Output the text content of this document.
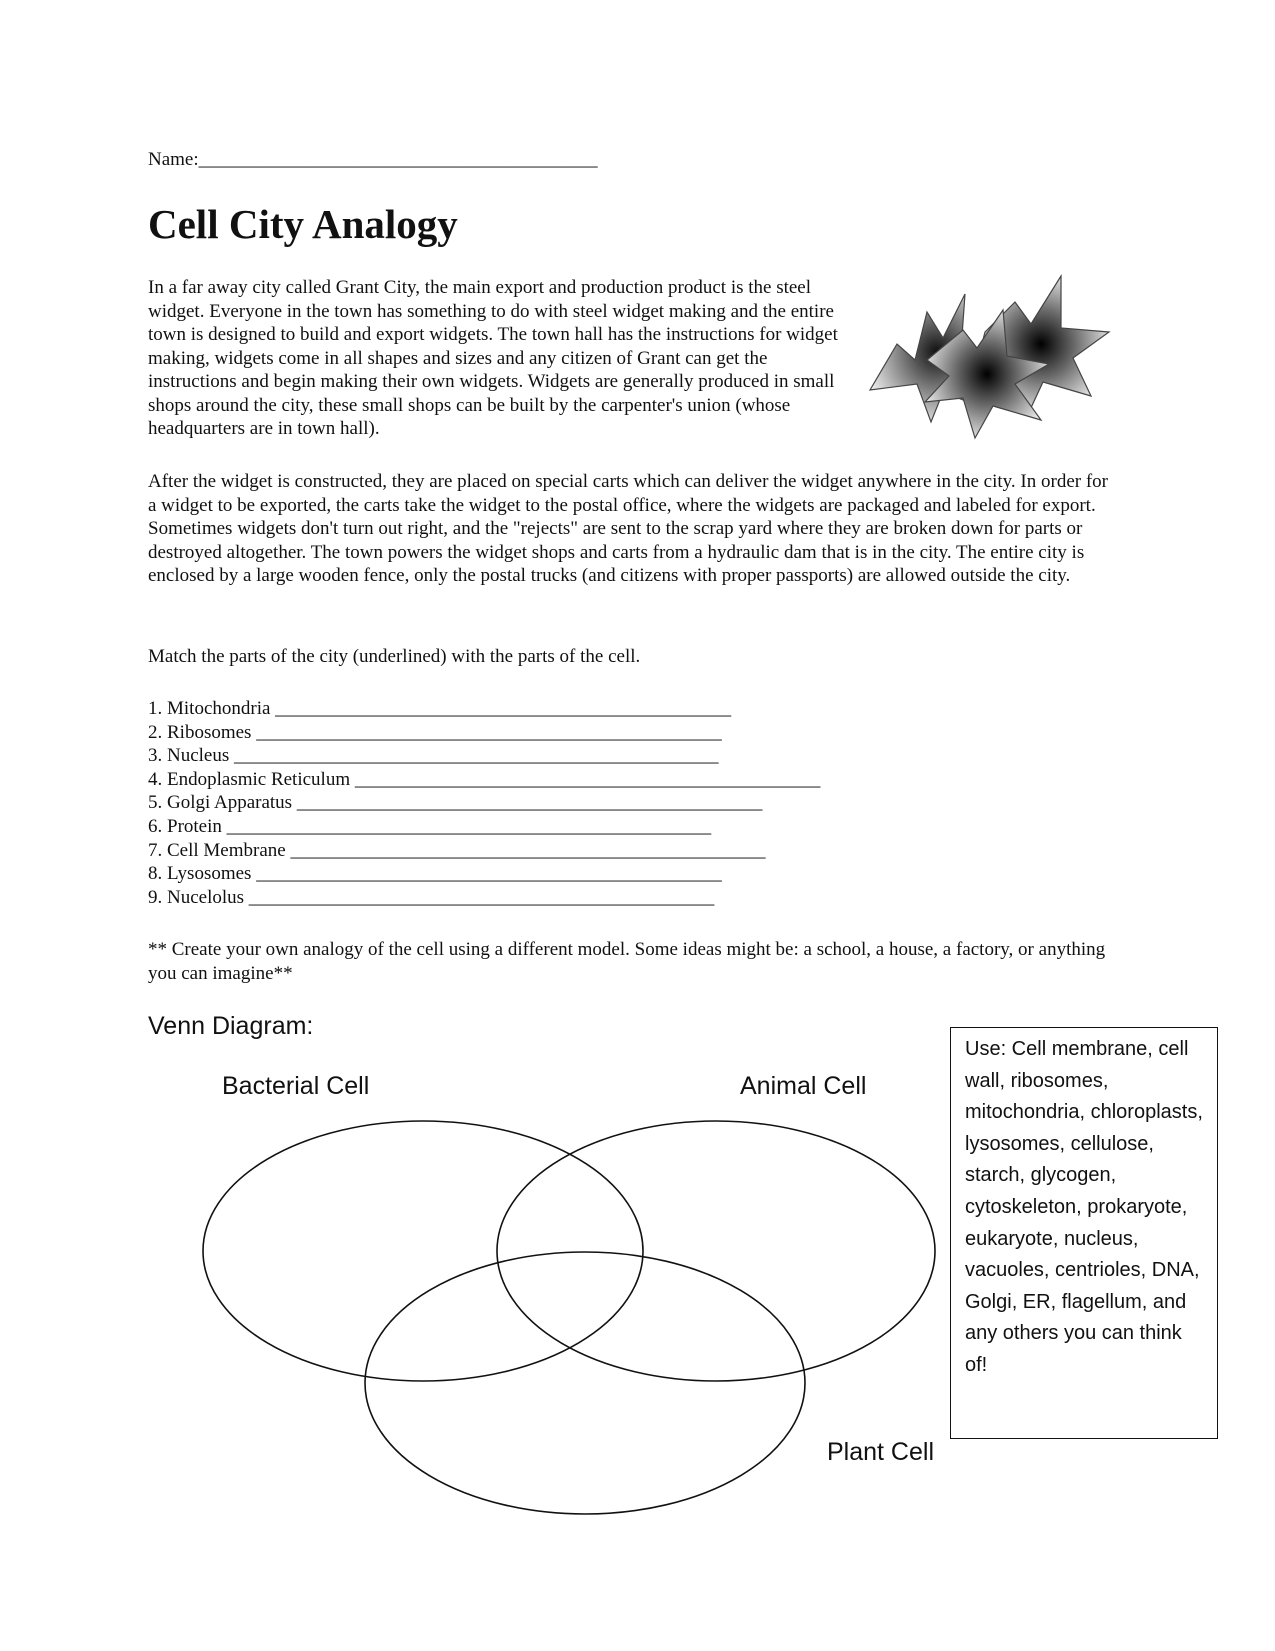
Name:__________________________________________
Cell City Analogy

In a far away city called Grant City, the main export and production product is the steel widget. Everyone in the town has something to do with steel widget making and the entire town is designed to build and export widgets. The town hall has the instructions for widget making, widgets come in all shapes and sizes and any citizen of Grant can get the instructions and begin making their own widgets. Widgets are generally produced in small shops around the city, these small shops can be built by the carpenter's union (whose headquarters are in town hall).

After the widget is constructed, they are placed on special carts which can deliver the widget anywhere in the city. In order for a widget to be exported, the carts take the widget to the postal office, where the widgets are packaged and labeled for export. Sometimes widgets don't turn out right, and the "rejects" are sent to the scrap yard where they are broken down for parts or destroyed altogether. The town powers the widget shops and carts from a hydraulic dam that is in the city. The entire city is enclosed by a large wooden fence, only the postal trucks (and citizens with proper passports) are allowed outside the city.

Match the parts of the city (underlined) with the parts of the cell.

1. Mitochondria ________________________________________________
2. Ribosomes _________________________________________________
3. Nucleus ___________________________________________________
4. Endoplasmic Reticulum _________________________________________________
5. Golgi Apparatus _________________________________________________
6. Protein ___________________________________________________
7. Cell Membrane __________________________________________________
8. Lysosomes _________________________________________________
9. Nucelolus _________________________________________________

** Create your own analogy of the cell using a different model. Some ideas might be: a school, a house, a factory, or anything you can imagine**

Venn Diagram:
Bacterial Cell	Animal Cell
Plant Cell
Use: Cell membrane, cell wall, ribosomes, mitochondria, chloroplasts, lysosomes, cellulose, starch, glycogen, cytoskeleton, prokaryote, eukaryote, nucleus, vacuoles, centrioles, DNA, Golgi, ER, flagellum, and any others you can think of!
